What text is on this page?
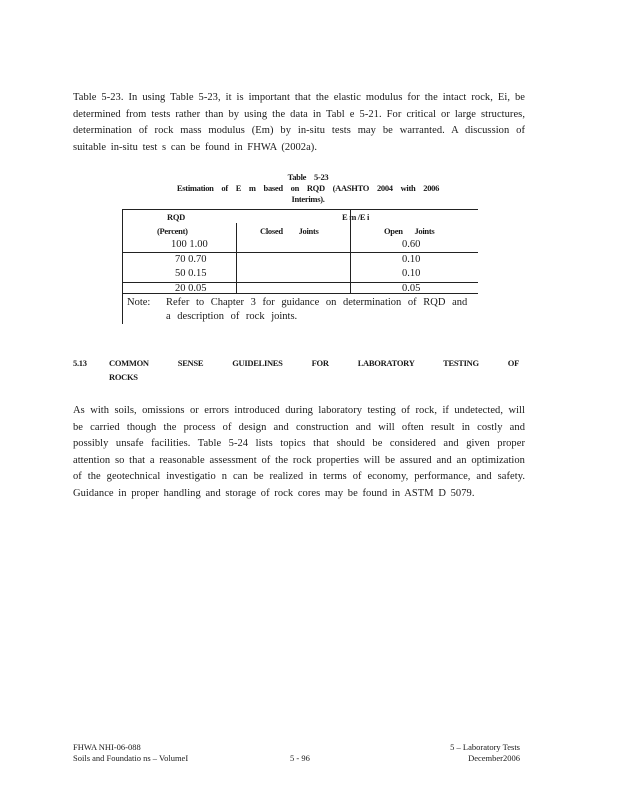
Table 5-23. In using Table 5-23, it is important that the elastic modulus for the intact rock, Ei, be determined from tests rather than by using the data in Tabl e 5-21. For critical or large structures, determination of rock mass modulus (Em) by in-situ tests may be warranted. A discussion of suitable in-situ test s can be found in FHWA (2002a).

Table 5-23
Estimation of E m based on RQD (AASHTO 2004 with 2006
Interims).
RQD
(Percent)
E m /E i
Closed Joints	Open Joints
100 1.00	0.60
70 0.70	0.10
50 0.15	0.10
20 0.05	0.05
Note: Refer to Chapter 3 for guidance on determination of RQD and
a description of rock joints.
5.13	COMMON	SENSE	GUIDELINES	FOR	LABORATORY	TESTING	OF
ROCKS

As with soils, omissions or errors introduced during laboratory testing of rock, if undetected, will be carried though the process of design and construction and will often result in costly and possibly unsafe facilities. Table 5-24 lists topics that should be considered and given proper attention so that a reasonable assessment of the rock properties will be assured and an optimization of the geotechnical investigatio n can be realized in terms of economy, performance, and safety. Guidance in proper handling and storage of rock cores may be found in ASTM D 5079.

FHWA NHI-06-088
Soils and Foundatio ns – VolumeI	5 - 96
5 – Laboratory Tests
December2006
